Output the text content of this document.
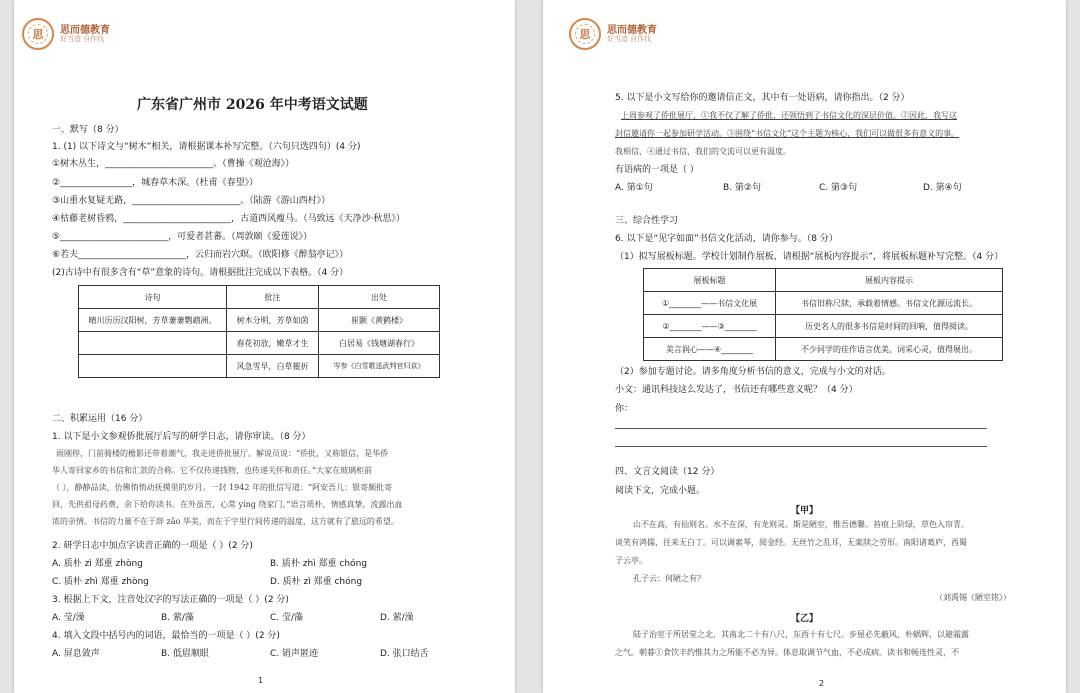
思 思而德教育
好当造 自作伐
广东省广州市 2026 年中考语文试题
一、默写（8 分）
1. (1) 以下诗文与“树木”相关，请根据课本补写完整。（六句只选四句）(4 分)
①树木丛生，________________________。（曹操《观沧海》）
②________________，城春草木深。（杜甫《春望》）
③山重水复疑无路，________________________。（陆游《游山西村》）
④枯藤老树昏鸦，________________________，古道西风瘦马。（马致远《天净沙·秋思》）
⑤________________________，可爱者甚蕃。（周敦颐《爱莲说》）
⑥若夫________________________，云归而岩穴暝。（欧阳修《醉翁亭记》）
(2)古诗中有很多含有“草”意象的诗句。请根据批注完成以下表格。（4 分）
诗句	批注	出处
晴川历历汉阳树，芳草萋萋鹦鹉洲。	树木分明，芳草如茵	崔颢《黄鹤楼》
	春花初放，嫩草才生	白居易《钱塘湖春行》
	风急雪早，白草摧折	岑参《白雪歌送武判官归京》
二、积累运用（16 分）
1. 以下是小文参观侨批展厅后写的研学日志，请你审读。（8 分）
雨刚停，门前骑楼的檐影还带着潮气，我走进侨批展厅。解说员说：“侨批，又称银信，是华侨
华人寄回家乡的书信和汇款的合称。它不仅传递钱物，也传递关怀和责任。”大家在玻璃柜前
（ ），静静品读，仿佛悄悄动抚摸里的岁月。一封 1942 年的批信写道：“阿安吾儿：银寄颇批寄
回，先供祖母药费，余下给你读书。在外虽苦，心常 yíng 绕家门。”语言质朴，情感真挚，流露出血
浓的亲情。书信的力量不在于辞 zǎo 华美，而在于字里行间传递的温度，这方就有了旅远的希望。
2. 研学日志中加点字读音正确的一项是（ ）(2 分)
A. 质朴 zì 郑重 zhòng	B. 质朴 zhì 郑重 chóng
C. 质朴 zhì 郑重 zhòng	D. 质朴 zì 郑重 chóng
3. 根据上下文，注音处汉字的写法正确的一项是（ ）(2 分)
A. 莹/澡	B. 萦/藻	C. 莹/藻	D. 萦/澡
4. 填入文段中括号内的词语，最恰当的一项是（ ）(2 分)
A. 屏息敛声	B. 低眉顺眼	C. 销声匿迹	D. 张口结舌
1
思 思而德教育
好当造 自作伐
5. 以下是小文写给你的邀请信正文，其中有一处语病，请你指出。（2 分）
上周参观了侨批展厅，①我不仅了解了侨批，还领悟到了书信文化的深层价值。②因此，我写这
封信邀请你一起参加研学活动。③围绕“书信文化”这个主题为核心，我们可以做很多有意义的事。
我相信，④通过书信，我们的交流可以更有温度。
有语病的一项是（ ）
A. 第①句	B. 第②句	C. 第③句	D. 第④句
三、综合性学习
6. 以下是“见字如面”书信文化活动，请你参与。（8 分）
（1）拟写展板标题。学校计划制作展板，请根据“展板内容提示”，将展板标题补写完整。（4 分）
展板标题	展板内容提示
①________——书信文化展	书信旧称尺牍，承载着情感。书信文化源远流长。
②________——③________	历史名人的很多书信是时间的回响，值得阅读。
美言润心——④________	不少同学的佳作语言优美，词采心灵，值得展出。
（2）参加专题讨论。请多角度分析书信的意义，完成与小文的对话。
小文：通讯科技这么发达了，书信还有哪些意义呢？（4 分）
你：
四、文言文阅读（12 分）
阅读下文，完成小题。
【甲】
山不在高，有仙则名。水不在深，有龙则灵。斯是陋室，惟吾德馨。苔痕上阶绿，草色入帘青。
谈笑有鸿儒，往来无白丁。可以调素琴，阅金经。无丝竹之乱耳，无案牍之劳形。南阳诸葛庐，西蜀
子云亭。
孔子云：何陋之有？
（刘禹锡《陋室铭》）
【乙】
陆子治室于所居堂之北，其南北二十有八尺，东西十有七尺。步屋必先蔽风，朴蜗辉，以避霜露
之气。朝暮①食饮丰约惟其力之所能不必为异。体息取调节气血，不必成病。读书和畅连性灵，不
2
